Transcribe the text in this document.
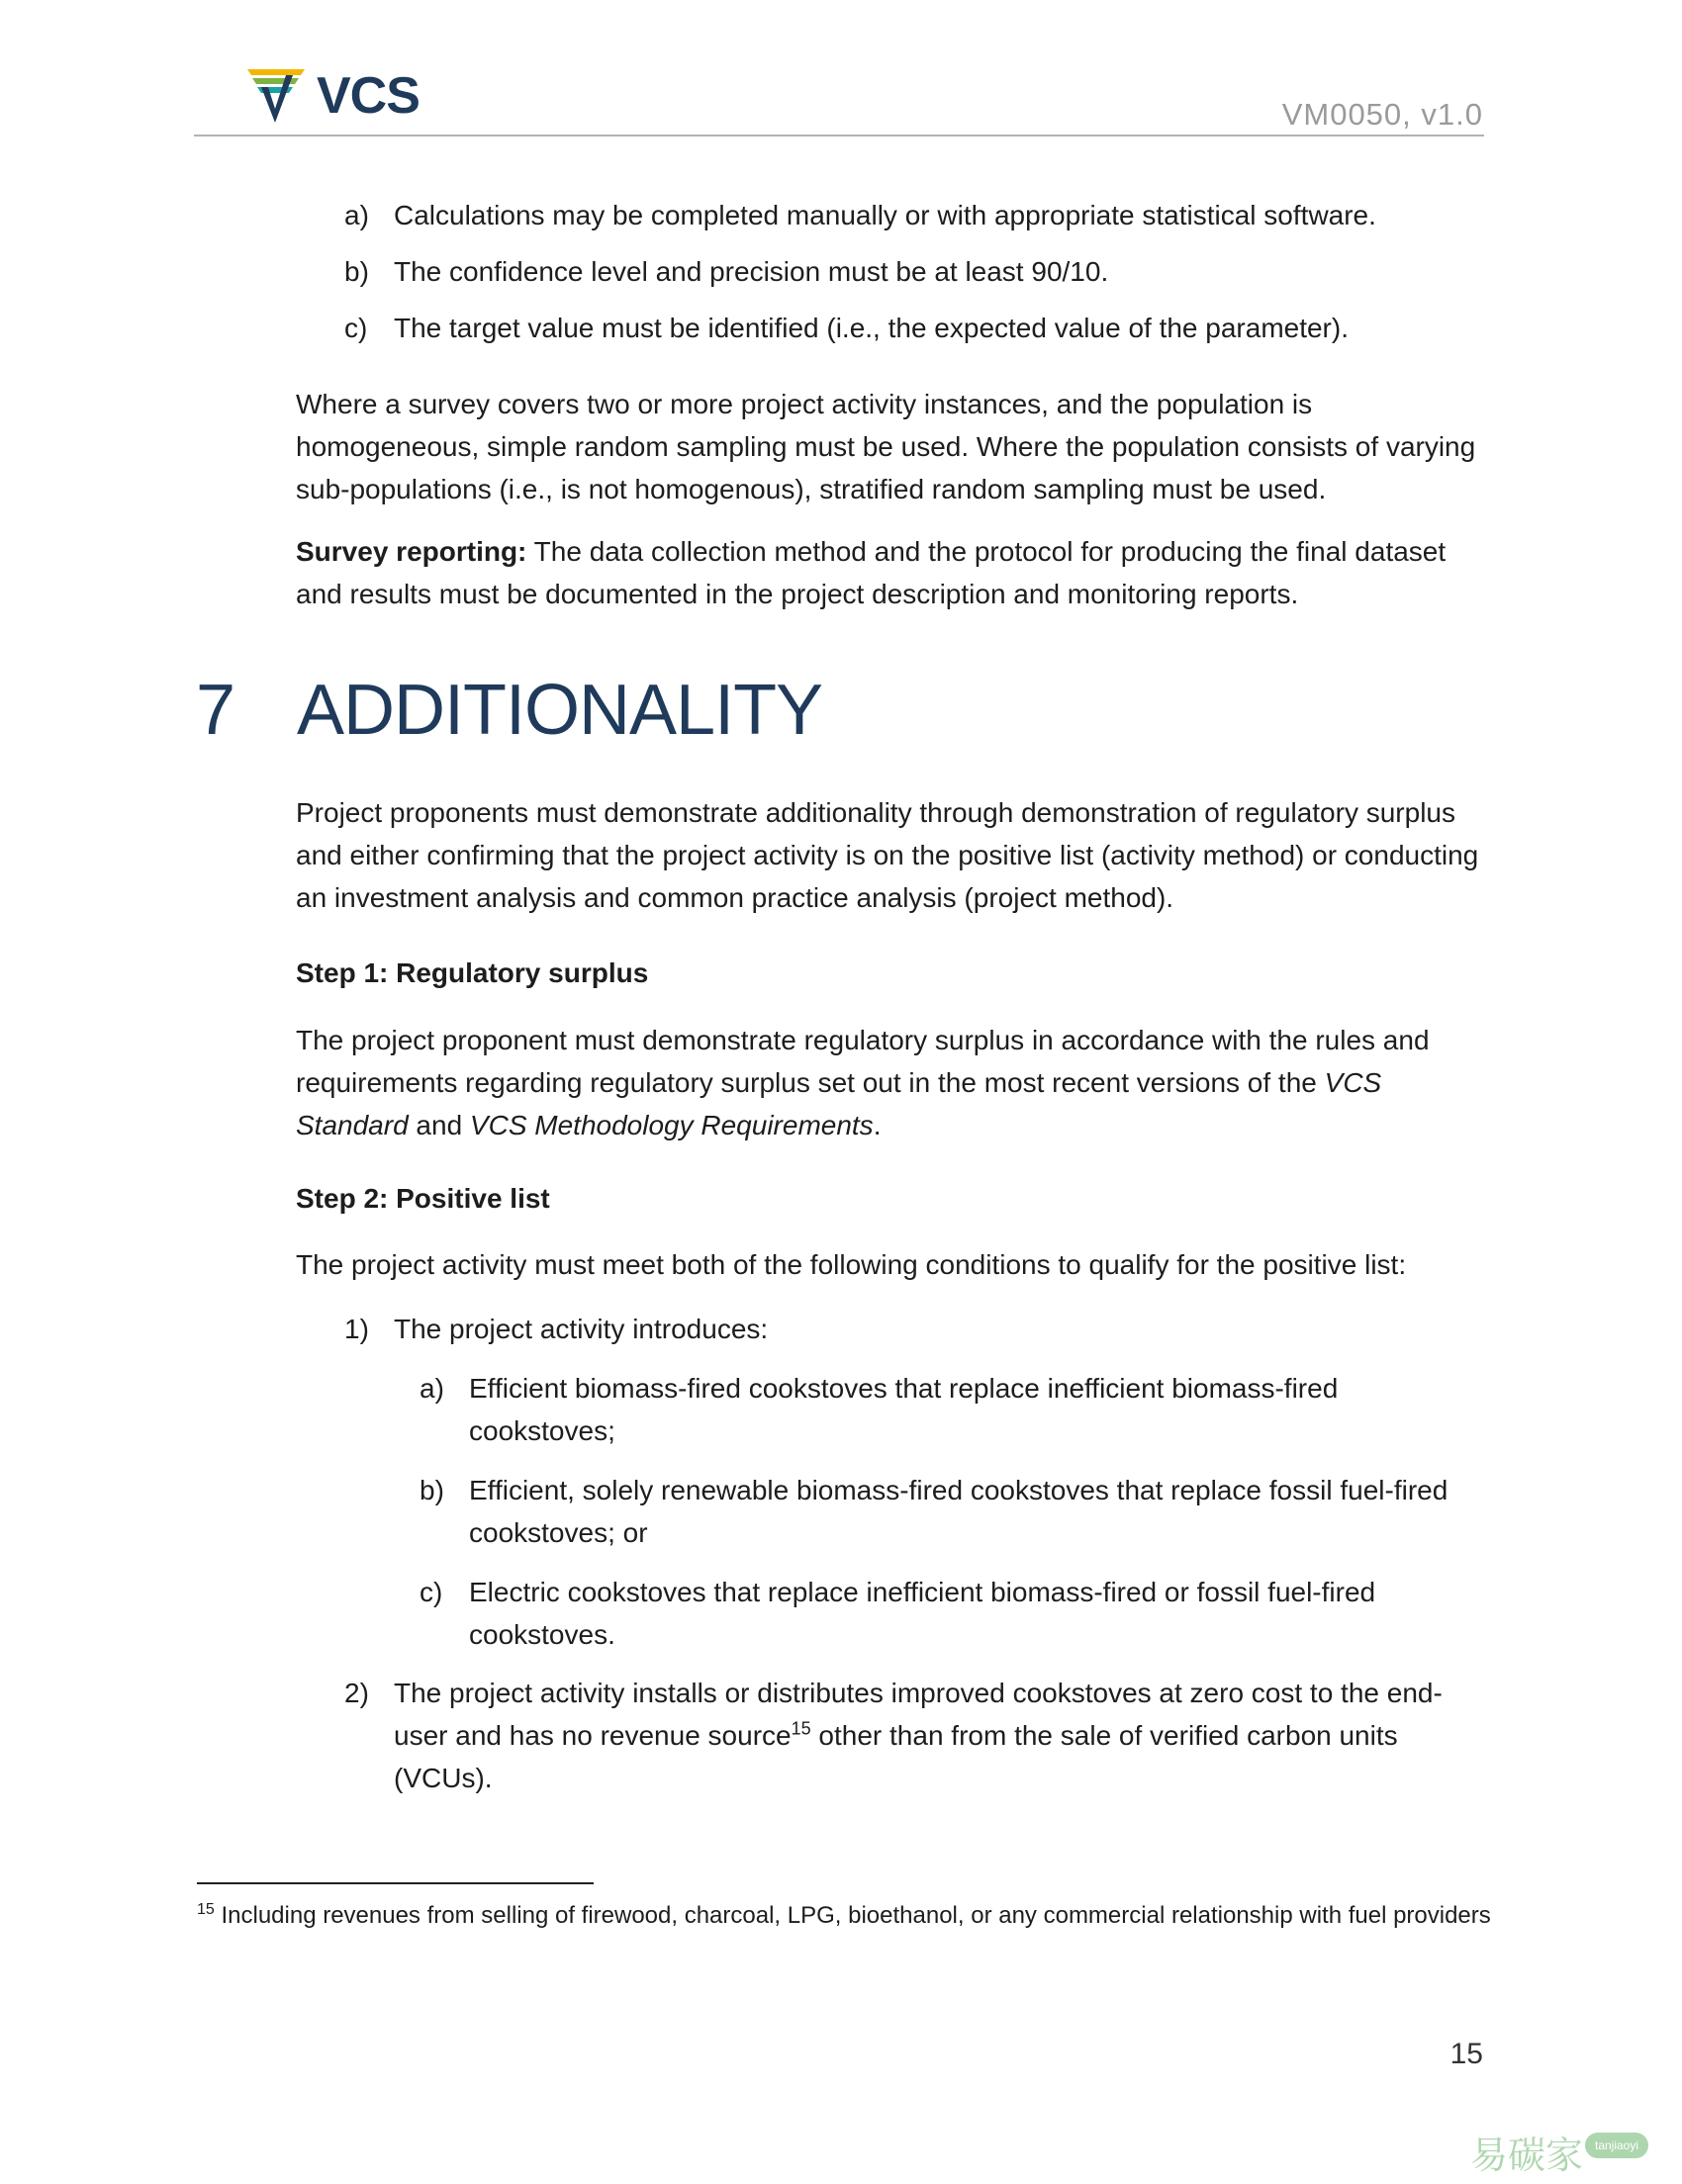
VCS	VM0050, v1.0
a) Calculations may be completed manually or with appropriate statistical software.
b) The confidence level and precision must be at least 90/10.
c) The target value must be identified (i.e., the expected value of the parameter).
Where a survey covers two or more project activity instances, and the population is homogeneous, simple random sampling must be used. Where the population consists of varying sub-populations (i.e., is not homogenous), stratified random sampling must be used.
Survey reporting: The data collection method and the protocol for producing the final dataset and results must be documented in the project description and monitoring reports.
7 ADDITIONALITY
Project proponents must demonstrate additionality through demonstration of regulatory surplus and either confirming that the project activity is on the positive list (activity method) or conducting an investment analysis and common practice analysis (project method).
Step 1: Regulatory surplus
The project proponent must demonstrate regulatory surplus in accordance with the rules and requirements regarding regulatory surplus set out in the most recent versions of the VCS Standard and VCS Methodology Requirements.
Step 2: Positive list
The project activity must meet both of the following conditions to qualify for the positive list:
1) The project activity introduces:
a) Efficient biomass-fired cookstoves that replace inefficient biomass-fired cookstoves;
b) Efficient, solely renewable biomass-fired cookstoves that replace fossil fuel-fired cookstoves; or
c) Electric cookstoves that replace inefficient biomass-fired or fossil fuel-fired cookstoves.
2) The project activity installs or distributes improved cookstoves at zero cost to the end-user and has no revenue source$^{15}$ other than from the sale of verified carbon units (VCUs).
$^{15}$ Including revenues from selling of firewood, charcoal, LPG, bioethanol, or any commercial relationship with fuel providers
15
易碳家 tanjiaoyi .com
